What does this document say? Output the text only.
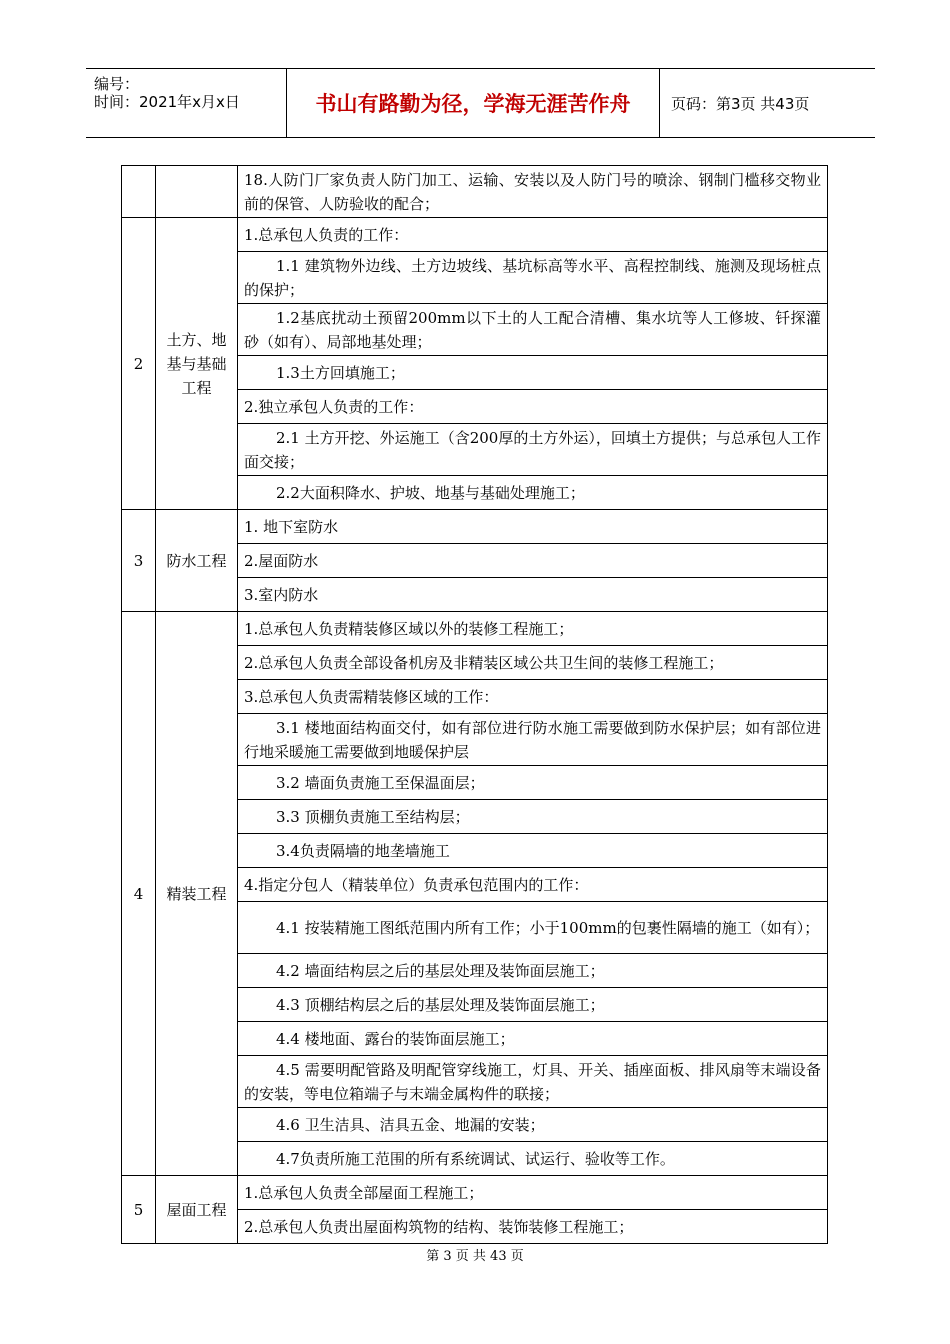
编号：
时间：2021年x月x日	书山有路勤为径，学海无涯苦作舟	页码：第3页 共43页
		18.人防门厂家负责人防门加工、运输、安装以及人防门号的喷涂、钢制门槛移交物业前的保管、人防验收的配合；
2	土方、地基与基础工程	1.总承包人负责的工作：
		1.1 建筑物外边线、土方边坡线、基坑标高等水平、高程控制线、施测及现场桩点的保护；
		1.2基底扰动土预留200mm以下土的人工配合清槽、集水坑等人工修坡、钎探灌砂（如有）、局部地基处理；
		1.3土方回填施工；
		2.独立承包人负责的工作：
		2.1 土方开挖、外运施工（含200厚的土方外运），回填土方提供；与总承包人工作面交接；
		2.2大面积降水、护坡、地基与基础处理施工；
3	防水工程	1. 地下室防水
		2.屋面防水
		3.室内防水
4	精装工程	1.总承包人负责精装修区域以外的装修工程施工；
		2.总承包人负责全部设备机房及非精装区域公共卫生间的装修工程施工；
		3.总承包人负责需精装修区域的工作：
		3.1 楼地面结构面交付，如有部位进行防水施工需要做到防水保护层；如有部位进行地采暖施工需要做到地暖保护层
		3.2 墙面负责施工至保温面层；
		3.3 顶棚负责施工至结构层；
		3.4负责隔墙的地垄墙施工
		4.指定分包人（精装单位）负责承包范围内的工作：
		4.1 按装精施工图纸范围内所有工作；小于100mm的包裹性隔墙的施工（如有）；
		4.2 墙面结构层之后的基层处理及装饰面层施工；
		4.3 顶棚结构层之后的基层处理及装饰面层施工；
		4.4 楼地面、露台的装饰面层施工；
		4.5 需要明配管路及明配管穿线施工，灯具、开关、插座面板、排风扇等末端设备的安装，等电位箱端子与末端金属构件的联接；
		4.6 卫生洁具、洁具五金、地漏的安装；
		4.7负责所施工范围的所有系统调试、试运行、验收等工作。
5	屋面工程	1.总承包人负责全部屋面工程施工；
		2.总承包人负责出屋面构筑物的结构、装饰装修工程施工；
第 3 页 共 43 页
